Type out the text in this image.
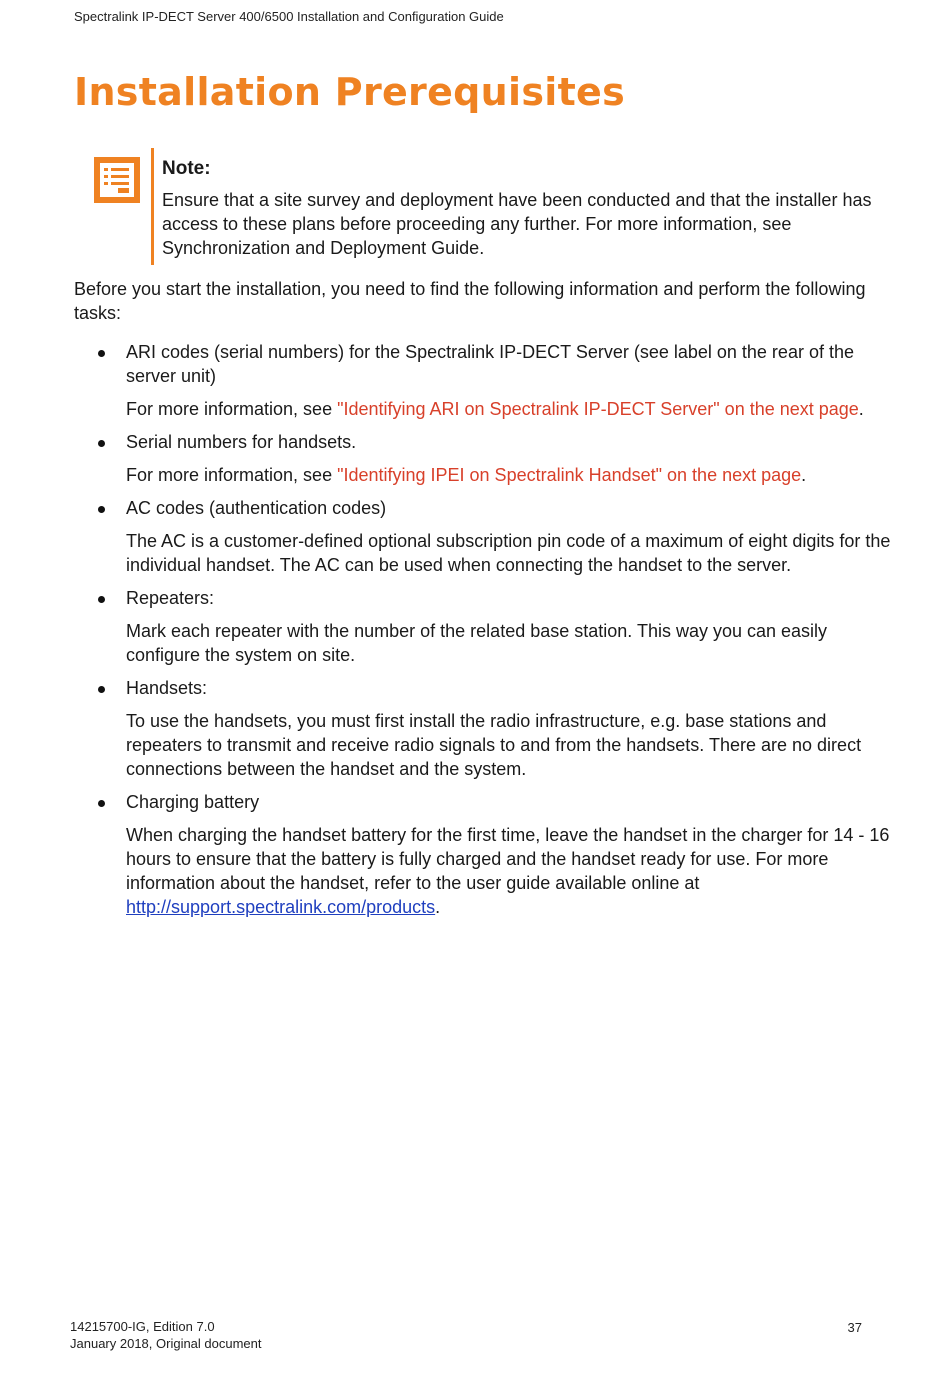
Spectralink IP-DECT Server 400/6500 Installation and Configuration Guide
Installation Prerequisites
Note:
Ensure that a site survey and deployment have been conducted and that the installer has access to these plans before proceeding any further. For more information, see Synchronization and Deployment Guide.

Before you start the installation, you need to find the following information and perform the following tasks:

ARI codes (serial numbers) for the Spectralink IP-DECT Server (see label on the rear of the server unit)
For more information, see "Identifying ARI on Spectralink IP-DECT Server" on the next page.
Serial numbers for handsets.
For more information, see "Identifying IPEI on Spectralink Handset" on the next page.
AC codes (authentication codes)
The AC is a customer-defined optional subscription pin code of a maximum of eight digits for the individual handset. The AC can be used when connecting the handset to the server.
Repeaters:
Mark each repeater with the number of the related base station. This way you can easily configure the system on site.
Handsets:
To use the handsets, you must first install the radio infrastructure, e.g. base stations and repeaters to transmit and receive radio signals to and from the handsets. There are no direct connections between the handset and the system.
Charging battery
When charging the handset battery for the first time, leave the handset in the charger for 14 - 16 hours to ensure that the battery is fully charged and the handset ready for use. For more information about the handset, refer to the user guide available online at http://support.spectralink.com/products.
14215700-IG, Edition 7.0
January 2018, Original document
37
